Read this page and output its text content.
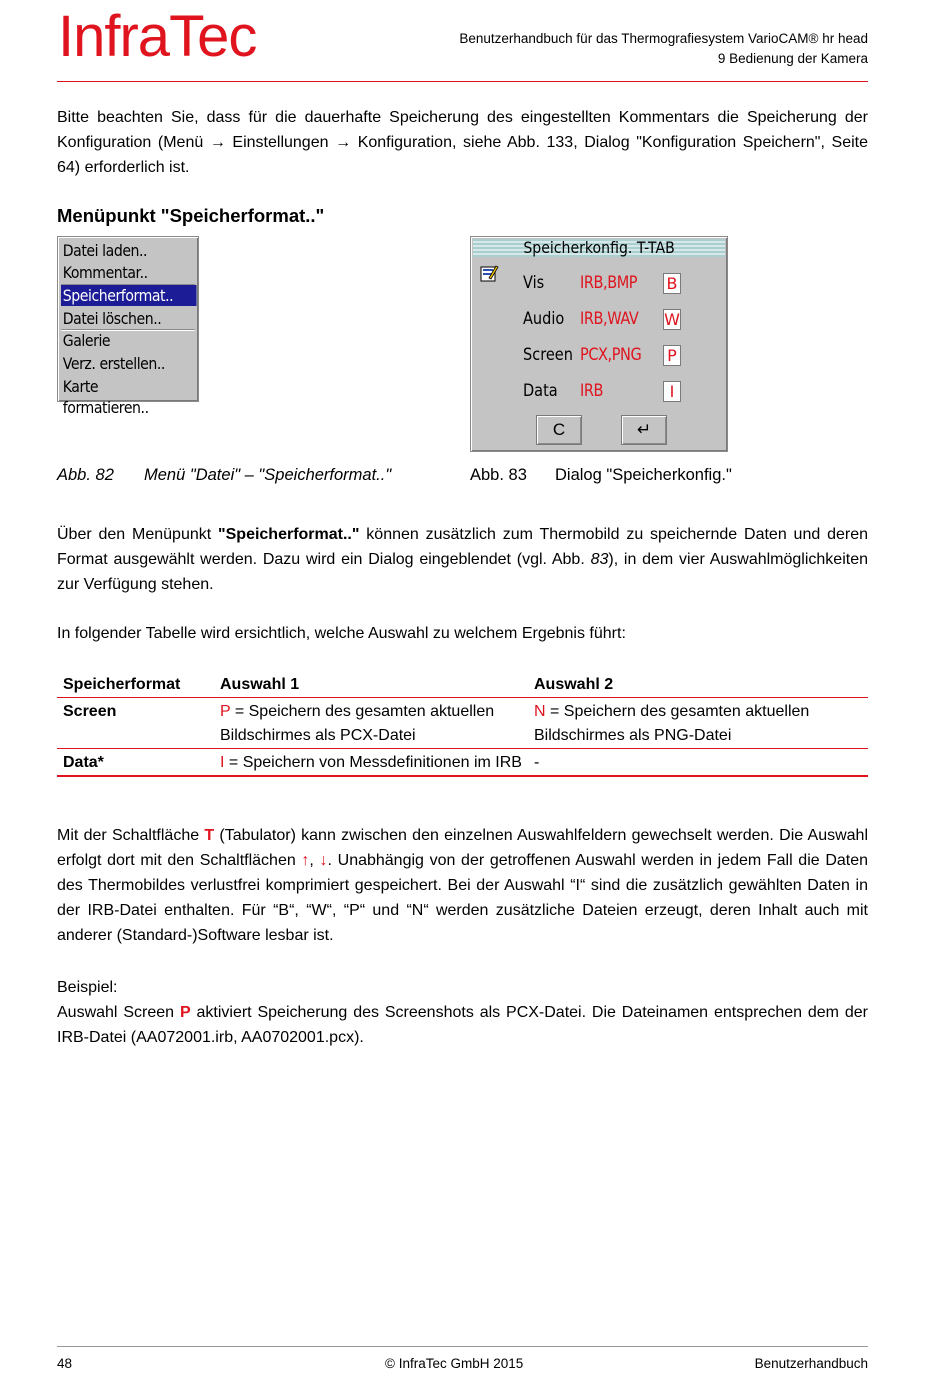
InfraTec	Benutzerhandbuch für das Thermografiesystem VarioCAM® hr head
9 Bedienung der Kamera

Bitte beachten Sie, dass für die dauerhafte Speicherung des eingestellten Kommentars die Speicherung der Konfiguration (Menü → Einstellungen → Konfiguration, siehe Abb. 133, Dialog "Konfiguration Speichern", Seite 64) erforderlich ist.

Menüpunkt "Speicherformat.."
Datei laden..
Kommentar..
Speicherformat..
Datei löschen..
Galerie
Verz. erstellen..
Karte formatieren..
Speicherkonfig. T-TAB
Vis IRB,BMP B
Audio IRB,WAV W
Screen PCX,PNG P
Data IRB	I
C	↵
Abb. 82 Menü "Datei" – "Speicherformat.."	Abb. 83 Dialog "Speicherkonfig."

Über den Menüpunkt "Speicherformat.." können zusätzlich zum Thermobild zu speichernde Daten und deren Format ausgewählt werden. Dazu wird ein Dialog eingeblendet (vgl. Abb. 83), in dem vier Auswahlmöglichkeiten zur Verfügung stehen.

In folgender Tabelle wird ersichtlich, welche Auswahl zu welchem Ergebnis führt:

Speicherformat	Auswahl 1	Auswahl 2
Screen	P = Speichern des gesamten aktuellen Bildschirmes als PCX-Datei	N = Speichern des gesamten aktuellen Bildschirmes als PNG-Datei
Data*	I = Speichern von Messdefinitionen im IRB	-

Mit der Schaltfläche T (Tabulator) kann zwischen den einzelnen Auswahlfeldern gewechselt werden. Die Auswahl erfolgt dort mit den Schaltflächen ↑, ↓. Unabhängig von der getroffenen Auswahl werden in jedem Fall die Daten des Thermobildes verlustfrei komprimiert gespeichert. Bei der Auswahl “I“ sind die zusätzlich gewählten Daten in der IRB-Datei enthalten. Für “B“, “W“, “P“ und “N“ werden zusätzliche Dateien erzeugt, deren Inhalt auch mit anderer (Standard-)Software lesbar ist.

Beispiel:

Auswahl Screen P aktiviert Speicherung des Screenshots als PCX-Datei. Die Dateinamen entsprechen dem der IRB-Datei (AA072001.irb, AA0702001.pcx).

48	© InfraTec GmbH 2015	Benutzerhandbuch
